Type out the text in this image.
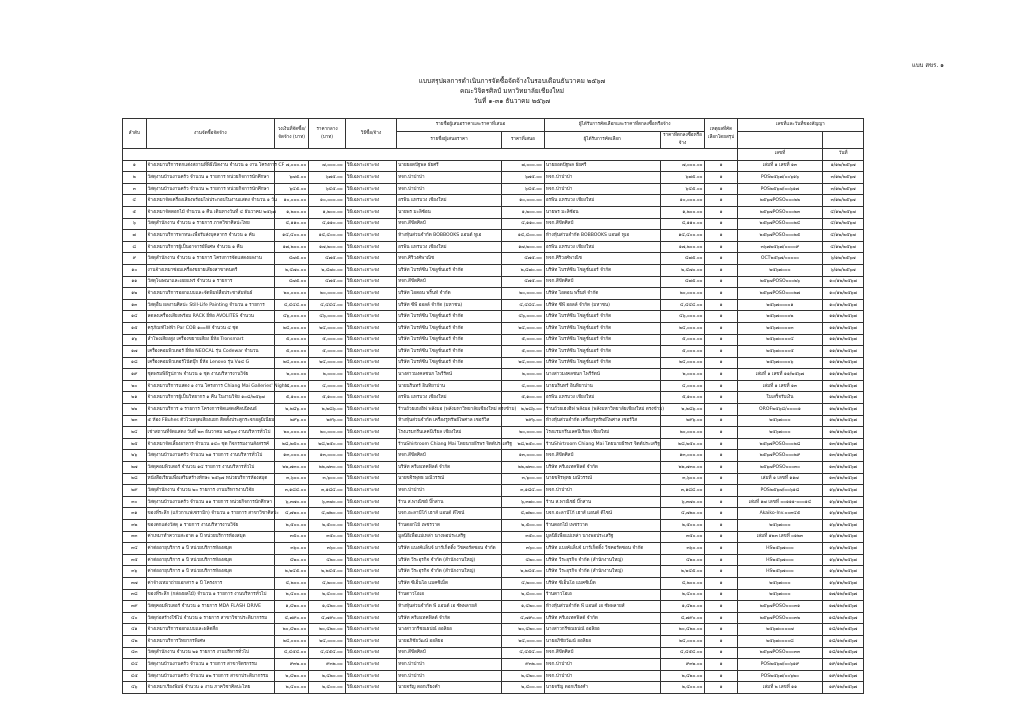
แบบ สขร. ๑
แบบสรุปผลการดำเนินการจัดซื้อจัดจ้างในรอบเดือนธันวาคม ๒๕๖๗
คณะวิจิตรศิลป์ มหาวิทยาลัยเชียงใหม่
วันที่ ๑-๓๑ ธันวาคม ๒๕๖๗
ลำดับ	งานจัดซื้อจัดจ้าง	วงเงินที่จัดซื้อ/จัดจ้าง (บาท)	ราคากลาง (บาท)	วิธีซื้อ/จ้าง	รายชื่อผู้เสนอราคาและราคาที่เสนอ		ผู้ได้รับการคัดเลือกและราคาที่ตกลงซื้อหรือจ้าง		เหตุผลที่คัดเลือกโดยสรุป	เลขที่และวันที่ของสัญญา	
					รายชื่อผู้เสนอราคา	ราคาที่เสนอ	ผู้ได้รับการคัดเลือก	ราคาที่ตกลงซื้อหรือจ้าง			

										เลขที่	วันที่
๑	จ้างเหมาบริการตกแต่งสถานที่พิธีเปิดงาน จำนวน ๑ งาน โครงการ CF	๗,๐๐๐.๐๐	๗,๐๐๐.๐๐	วิธีเฉพาะเจาะจง	นายยอดปัฐพล ธัยศรี	๗,๐๐๐.๐๐	นายยอดปัฐพล ธัยศรี	๗,๐๐๐.๐๐	๑	เล่มที่ ๑ เลขที่ ๑๓	๑/๑๒/๒๕๖๗
๒	วัสดุงานบ้านงานครัว จำนวน ๑ รายการ หน่วยกิจการนักศึกษา	๖๗๕.๐๐	๖๗๕.๐๐	วิธีเฉพาะเจาะจง	หจก.ป่าป่าป่า	๖๗๕.๐๐	หจก.ป่าป่าป่า	๖๗๕.๐๐	๑	POS๒๕๖๗/๐๐๖๑๖	๓/๑๒/๒๕๖๗
๓	วัสดุงานบ้านงานครัว จำนวน ๒ รายการ หน่วยกิจการนักศึกษา	๖๔๕.๐๐	๖๔๕.๐๐	วิธีเฉพาะเจาะจง	หจก.ป่าป่าป่า	๖๔๕.๐๐	หจก.ป่าป่าป่า	๖๔๕.๐๐	๑	POS๒๕๖๗/๐๐๖๑๗	๓/๑๒/๒๕๖๗
๔	จ้างเหมาจัดเครื่องเสียงพร้อมไฟประกอบในงานแสดง จำนวน ๑ วัน	๑๐,๐๐๐.๐๐	๑๐,๐๐๐.๐๐	วิธีเฉพาะเจาะจง	อรพิน แหรบวง เชียงใหม่	๑๐,๐๐๐.๐๐	อรพิน แหรบวง เชียงใหม่	๑๐,๐๐๐.๐๐	๑	๒๕๖๗POSO๐๐๐๒๒	๓/๑๒/๒๕๖๗
๕	จ้างเหมาจัดดอกไม้ จำนวน ๑ คืน เดินทางวันที่ ๔ ธันวาคม ๒๕๖๗	๑,๒๐๐.๐๐	๑,๒๐๐.๐๐	วิธีเฉพาะเจาะจง	นายพร มะลิซ้อน	๑,๒๐๐.๐๐	นายพร มะลิซ้อน	๑,๒๐๐.๐๐	๑	๒๕๖๗POSO๐๐๐๒๓	๔/๑๒/๒๕๖๗
๖	วัสดุสำนักงาน จำนวน ๑ รายการ ภาควิชาศิลปะไทย	๔,๑๑๐.๐๐	๔,๑๑๐.๐๐	วิธีเฉพาะเจาะจง	หจก.สีขีดศิลป์	๔,๑๑๐.๐๐	หจก.สีขีดศิลป์	๔,๑๑๐.๐๐	๑	๒๕๖๗POSO๐๐๐๒๔	๔/๑๒/๒๕๖๗
๗	จ้างเหมาบริการพาหนะเพื่อรับส่งบุคลากร จำนวน ๑ คัน	๑๔,๔๐๐.๐๐	๑๔,๔๐๐.๐๐	วิธีเฉพาะเจาะจง	ห้างหุ้นส่วนจำกัด BOBBOOKS แอนด์ ทูเอ	๑๔,๔๐๐.๐๐	ห้างหุ้นส่วนจำกัด BOBBOOKS แอนด์ ทูเอ	๑๔,๔๐๐.๐๐	๑	๒๕๖๗POSO๐๐๐๒๕	๔/๑๒/๒๕๖๗
๘	จ้างเหมาบริการผู้เป็นอาจารย์พิเศษ จำนวน ๑ คืน	๑๗,๒๐๐.๐๐	๑๗,๒๐๐.๐๐	วิธีเฉพาะเจาะจง	อรพิน แหรบวง เชียงใหม่	๑๗,๒๐๐.๐๐	อรพิน แหรบวง เชียงใหม่	๑๗,๒๐๐.๐๐	๑	๓๖๗๒๕๖๗/๐๐๐๐๙	๔/๑๒/๒๕๖๗
๙	วัสดุสำนักงาน จำนวน ๑ รายการ โครงการจัดแสดงผลงาน	๔๗๕.๐๐	๔๗๕.๐๐	วิธีเฉพาะเจาะจง	หจก.ศิริวงศ์พาณิช	๔๗๕.๐๐	หจก.ศิริวงศ์พาณิช	๔๗๕.๐๐	๑	OCT๒๕๖๗/๐๐๐๐๐	๖/๑๒/๒๕๖๗
๑๐	งานจ้างเหมาซ่อมเครื่องขยายเสียงสาขาดนตรี	๒,๔๗๐.๐๐	๒,๔๗๐.๐๐	วิธีเฉพาะเจาะจง	บริษัท ไบรท์ซีน โซลูชั่นเอร์ จำกัด	๒,๔๗๐.๐๐	บริษัท ไบรท์ซีน โซลูชั่นเอร์ จำกัด	๒,๔๗๐.๐๐	๑	๒๕๖๗๐๐๐	๖/๑๒/๒๕๖๗
๑๑	วัสดุโฆษณาและเผยแพร่ จำนวน ๑ รายการ	๔๗๕.๐๐	๔๗๕.๐๐	วิธีเฉพาะเจาะจง	หจก.สีขีดศิลป์	๔๗๕.๐๐	หจก.สีขีดศิลป์	๔๗๕.๐๐	๑	๒๕๖๗POSO๐๐๐๒๖	๑๐/๑๒/๒๕๖๗
๑๒	จ้างเหมาบริการออกแบบและจัดพิมพ์สื่อประชาสัมพันธ์	๒๐,๐๐๐.๐๐	๒๐,๐๐๐.๐๐	วิธีเฉพาะเจาะจง	บริษัท ไอดอน พริ้นท์ จำกัด	๒๐,๐๐๐.๐๐	บริษัท ไอดอน พริ้นท์ จำกัด	๒๐,๐๐๐.๐๐	๑	๒๕๖๗POSO๐๐๐๒๗	๑๐/๑๒/๒๕๖๗
๑๓	วัสดุอื่น ผลงานศิลปะ Still-Life Painting จำนวน ๑ รายการ	๔,๔๔๔.๐๐	๔,๔๔๔.๐๐	วิธีเฉพาะเจาะจง	บริษัท ซีพี ออลล์ จำกัด (มหาชน)	๔,๔๔๔.๐๐	บริษัท ซีพี ออลล์ จำกัด (มหาชน)	๔,๔๔๔.๐๐	๑	๒๕๖๗๐๐๐๐๑	๑๐/๑๒/๒๕๖๗
๑๔	ลดลงเครื่องเสียงพร้อม RACK ยี่ห้อ AVOLITES จำนวน	๔๖,๐๐๐.๐๐	๔๖,๐๐๐.๐๐	วิธีเฉพาะเจาะจง	บริษัท ไบรท์ซีน โซลูชั่นเอร์ จำกัด	๔๖,๐๐๐.๐๐	บริษัท ไบรท์ซีน โซลูชั่นเอร์ จำกัด	๔๖,๐๐๐.๐๐	๑	๒๕๖๗๐๐๐๐๒	๑๑/๑๒/๒๕๖๗
๑๕	ครุภัณฑ์ไฟฟ้า Par COB ๑๐๐W จำนวน ๔ ชุด	๒๔,๐๐๐.๐๐	๒๔,๐๐๐.๐๐	วิธีเฉพาะเจาะจง	บริษัท ไบรท์ซีน โซลูชั่นเอร์ จำกัด	๒๔,๐๐๐.๐๐	บริษัท ไบรท์ซีน โซลูชั่นเอร์ จำกัด	๒๔,๐๐๐.๐๐	๑	๒๕๖๗๐๐๐๐๓	๑๑/๑๒/๒๕๖๗
๑๖	ลำโพงเสียงสูง เครื่องขยายเสียง ยี่ห้อ Tronsmart	๕,๐๐๐.๐๐	๕,๐๐๐.๐๐	วิธีเฉพาะเจาะจง	บริษัท ไบรท์ซีน โซลูชั่นเอร์ จำกัด	๕,๐๐๐.๐๐	บริษัท ไบรท์ซีน โซลูชั่นเอร์ จำกัด	๕,๐๐๐.๐๐	๑	๒๕๖๗๐๐๐๐๔	๑๑/๑๒/๒๕๖๗
๑๗	เครื่องคอมพิวเตอร์ ยี่ห้อ NEOCAL รุ่น Codewar จำนวน	๕,๐๐๐.๐๐	๕,๐๐๐.๐๐	วิธีเฉพาะเจาะจง	บริษัท ไบรท์ซีน โซลูชั่นเอร์ จำกัด	๕,๐๐๐.๐๐	บริษัท ไบรท์ซีน โซลูชั่นเอร์ จำกัด	๕,๐๐๐.๐๐	๑	๒๕๖๗๐๐๐๐๕	๑๑/๑๒/๒๕๖๗
๑๘	เครื่องคอมพิวเตอร์โน้ตบุ๊ก ยี่ห้อ Lenovo รุ่น V๑๔ G	๒๔,๐๐๐.๐๐	๒๔,๐๐๐.๐๐	วิธีเฉพาะเจาะจง	บริษัท ไบรท์ซีน โซลูชั่นเอร์ จำกัด	๒๔,๐๐๐.๐๐	บริษัท ไบรท์ซีน โซลูชั่นเอร์ จำกัด	๒๔,๐๐๐.๐๐	๑	๒๕๖๗๐๐๐๐๖	๑๑/๑๒/๒๕๖๗
๑๙	ชุดพรมพิธีรูปภาพ จำนวน ๑ ชุด งานบริหารงานวิจัย	๒,๐๐๐.๐๐	๒,๐๐๐.๐๐	วิธีเฉพาะเจาะจง	นางสาวมงคลชนก ไพรีรัตน์	๒,๐๐๐.๐๐	นางสาวมงคลชนก ไพรีรัตน์	๒,๐๐๐.๐๐	๑	เล่มที่ ๑ เลขที่ ๑๑/๒๕๖๗	๑๑/๑๒/๒๕๖๗
๒๐	จ้างเหมาบริการแสดง ๑ งาน โครงการ Chiang Mai Galleries' Nights	๔,๐๐๐.๐๐	๔,๐๐๐.๐๐	วิธีเฉพาะเจาะจง	นายนรินทร์ อินทิยาปาน	๔,๐๐๐.๐๐	นายนรินทร์ อินทิยาปาน	๔,๐๐๐.๐๐	๑	เล่มที่ ๑ เลขที่ ๑๓	๑๒/๑๒/๒๕๖๗
๒๑	จ้างเหมาบริการผู้เป็นวิทยากร ๑ คืน ในงานวิจัย ๑๐๘/๒๕๖๗	๕,๑๐๐.๐๐	๕,๑๐๐.๐๐	วิธีเฉพาะเจาะจง	อรพิน แหรบวง เชียงใหม่	๕,๑๐๐.๐๐	อรพิน แหรบวง เชียงใหม่	๕,๑๐๐.๐๐	๑	ใบเสร็จรับเงิน	๑๒/๑๒/๒๕๖๗
๒๒	จ้างเหมาบริการ ๑ รายการ โครงการจัดแสดงศิลปนิพนธ์	๒,๒๘๖.๐๐	๒,๒๘๖.๐๐	วิธีเฉพาะเจาะจง	ร้านถ้วยเฮงฮิฟ พลังมอ (พลังมหาวิทยาลัยเชียงใหม่ ตรงข้าม)	๒,๒๘๖.๐๐	ร้านถ้วยเฮงฮิฟ พลังมอ (พลังมหาวิทยาลัยเชียงใหม่ ตรงข้าม)	๒,๒๘๖.๐๐	๑	OROF๒๕๖๘/๐๐๐๐๑	๑๒/๑๒/๒๕๖๗
๒๓	๕ ห้อง FBuhes ตัวไวเลจุดเสียงแยก ติดตั้งประตูกระจกอลูมิเนียม	๒๙๖.๐๐	๒๙๖.๐๐	วิธีเฉพาะเจาะจง	ห้างหุ้นส่วนจำกัด เครื่องรูทรัพย์ไพศาล เซอร์วิส	๒๙๖.๐๐	ห้างหุ้นส่วนจำกัด เครื่องรูทรัพย์ไพศาล เซอร์วิส	๒๙๖.๐๐	๑	๒๕๖๗๐๐๐	๑๒/๑๒/๒๕๖๗
๒๔	เช่าสถานที่จัดแสดง วันที่ ๒๓ ธันวาคม ๒๕๖๗ งานบริหารทั่วไป	๒๐,๐๐๐.๐๐	๒๐,๐๐๐.๐๐	วิธีเฉพาะเจาะจง	โรงแรมกรีนเลคปีเรียล เชียงใหม่	๒๐,๐๐๐.๐๐	โรงแรมกรีนเลคปีเรียล เชียงใหม่	๒๐,๐๐๐.๐๐	๑	๒๕๖๗๐๐๐	๑๒/๑๒/๒๕๖๗
๒๕	จ้างเหมาจัดเลี้ยงอาหาร จำนวน ๑๔๐ ชุด กิจกรรมงานสังสรรค์	๒๘,๒๕๐.๐๐	๒๘,๒๕๐.๐๐	วิธีเฉพาะเจาะจง	ร้านShirtroom Chiang Mai โดยนายธีรพร จิตต์ประเสริฐ	๒๘,๒๕๐.๐๐	ร้านShirtroom Chiang Mai โดยนายธีรพร จิตต์ประเสริฐ	๒๘,๒๕๐.๐๐	๑	๒๕๖๗POSO๐๐๐๒๘	๑๓/๑๒/๒๕๖๗
๒๖	วัสดุงานบ้านงานครัว จำนวน ๒๑ รายการ งานบริหารทั่วไป	๑๓,๐๐๐.๐๐	๑๓,๐๐๐.๐๐	วิธีเฉพาะเจาะจง	หจก.สีขีดศิลป์	๑๓,๐๐๐.๐๐	หจก.สีขีดศิลป์	๑๓,๐๐๐.๐๐	๑	๒๕๖๗POSO๐๐๐๒๙	๑๓/๑๒/๒๕๖๗
๒๗	วัสดุคอมพิวเตอร์ จำนวน ๑๔ รายการ งานบริหารทั่วไป	๒๒,๗๓๐.๐๐	๒๒,๗๓๐.๐๐	วิธีเฉพาะเจาะจง	บริษัท ครีเอเทคฟิลด์ จำกัด	๒๒,๗๓๐.๐๐	บริษัท ครีเอเทคฟิลด์ จำกัด	๒๒,๗๓๐.๐๐	๑	๒๕๖๗POSO๐๐๐๓๐	๑๓/๑๒/๒๕๖๗
๒๘	หนังสือเรียนเพื่อเสริมสร้างทักษะ ๒๕๖๗ หน่วยบริการห้องสมุด	๓,๖๐๐.๐๐	๓,๖๐๐.๐๐	วิธีเฉพาะเจาะจง	นายขจิรพุทธ มณีวรรณ์	๓,๖๐๐.๐๐	นายขจิรพุทธ มณีวรรณ์	๓,๖๐๐.๐๐	๑	เล่มที่ ๑ เลขที่ ๑๑๗	๑๓/๑๒/๒๕๖๗
๒๙	วัสดุสำนักงาน จำนวน ๒๐ รายการ งานบริหารงานวิจัย	๓,๑๘๔.๐๐	๓,๑๘๔.๐๐	วิธีเฉพาะเจาะจง	หจก.ป่าป่าป่า	๓,๑๘๔.๐๐	หจก.ป่าป่าป่า	๓,๑๘๔.๐๐	๑	POS๒๕๖๗/๐๐๖๑๘	๑๖/๑๒/๒๕๖๗
๓๐	วัสดุงานบ้านงานครัว จำนวน ๑๑ รายการ หน่วยกิจการนักศึกษา	๖,๓๗๐.๐๐	๖,๓๗๐.๐๐	วิธีเฉพาะเจาะจง	ร้าน ส.พาณิชย์ บิ๊กสาน	๖,๓๗๐.๐๐	ร้าน ส.พาณิชย์ บิ๊กสาน	๖,๓๗๐.๐๐	๑	เล่มที่ ๑๗ เลขที่ ๐๐๑๑๑-๐๐๐๑๔	๑๖/๑๒/๒๕๖๗
๓๑	ของที่ระลึก (แก้วกาแฟเซรามิก) จำนวน ๑ รายการ สาขาวิชาศิลปะ	๔,๗๒๐.๐๐	๔,๗๒๐.๐๐	วิธีเฉพาะเจาะจง	บจก.อะลาบีโก้ เฮาส์ แอนด์ ดีไซน์	๔,๗๒๐.๐๐	บจก.อะลาบีโก้ เฮาส์ แอนด์ ดีไซน์	๔,๗๒๐.๐๐	๑	Akaiko-Inv.๐๐๓๔๕	๑๖/๑๒/๒๕๖๗
๓๒	ของตกแต่งวัสดุ ๑ รายการ งานบริหารงานวิจัย	๒,๕๐๐.๐๐	๒,๕๐๐.๐๐	วิธีเฉพาะเจาะจง	ร้านดอกไม้ เพชรวาด	๒,๕๐๐.๐๐	ร้านดอกไม้ เพชรวาด	๒,๕๐๐.๐๐	๑	๒๕๖๗๐๐๐	๑๖/๑๒/๒๕๖๗
๓๓	ค่าเหมาทำความสะอาด ๑ ปี หน่วยบริการห้องสมุด	๓๕๐.๐๐	๓๕๐.๐๐	วิธีเฉพาะเจาะจง	มูลนิธิเพื่อแม่เหล่า นางพอประเสริฐ	๓๕๐.๐๐	มูลนิธิเพื่อแม่เหล่า นางพอประเสริฐ	๓๕๐.๐๐	๑	เล่มที่ ๑๒๓ เลขที่ ๐๑๒๓	๑๖/๑๒/๒๕๖๗
๓๔	ค่าต่ออายุบริการ ๑ ปี หน่วยบริการห้องสมุด	๓๖๐.๐๐	๓๖๐.๐๐	วิธีเฉพาะเจาะจง	บริษัท แบงค์แล็บจ์ มาร์เก็ตติ้ง วีชคอร์ดซอน จำกัด	๓๖๐.๐๐	บริษัท แบงค์แล็บจ์ มาร์เก็ตติ้ง วีชคอร์ดซอน จำกัด	๓๖๐.๐๐	๑	HS๒๕๖๗๐๐๐	๑๖/๑๒/๒๕๖๗
๓๕	ค่าต่ออายุบริการ ๑ ปี หน่วยบริการห้องสมุด	๔๒๐.๐๐	๔๒๐.๐๐	วิธีเฉพาะเจาะจง	บริษัท วีระอุรกิจ จำกัด (สำนักงานใหญ่)	๔๒๐.๐๐	บริษัท วีระอุรกิจ จำกัด (สำนักงานใหญ่)	๔๒๐.๐๐	๑	HS๒๕๖๗๐๐๐	๑๖/๑๒/๒๕๖๗
๓๖	ค่าต่ออายุบริการ ๑ ปี หน่วยบริการห้องสมุด	๒,๒๔๕.๐๐	๒,๒๔๕.๐๐	วิธีเฉพาะเจาะจง	บริษัท วีระอุรกิจ จำกัด (สำนักงานใหญ่)	๒,๒๔๕.๐๐	บริษัท วีระอุรกิจ จำกัด (สำนักงานใหญ่)	๒,๒๔๕.๐๐	๑	HS๒๕๖๗๐๐๐	๑๖/๑๒/๒๕๖๗
๓๗	ค่าจ้างเหมาถ่ายเอกสาร ๑ ปี โครงการ	๔,๒๐๐.๐๐	๔,๒๐๐.๐๐	วิธีเฉพาะเจาะจง	บริษัท ซีเอ็นโอ แมคซิเม็ด	๔,๒๐๐.๐๐	บริษัท ซีเอ็นโอ แมคซิเม็ด	๔,๒๐๐.๐๐	๑	๒๕๖๗๐๐๐	๑๖/๑๒/๒๕๖๗
๓๘	ของที่ระลึก (กล่องผลไม้) จำนวน ๑ รายการ งานบริหารทั่วไป	๒,๔๐๐.๐๐	๒,๔๐๐.๐๐	วิธีเฉพาะเจาะจง	ร้านดาวโอเอ	๒,๔๐๐.๐๐	ร้านดาวโอเอ	๒,๔๐๐.๐๐	๑	๒๕๖๗๐๐๐	๑๗/๑๒/๒๕๖๗
๓๙	วัสดุคอมพิวเตอร์ จำนวน ๑ รายการ MDA FLASH DRIVE	๑,๔๒๐.๐๐	๑,๔๒๐.๐๐	วิธีเฉพาะเจาะจง	ห้างหุ้นส่วนจำกัด พี แอนด์ เอ ซัพพลายส์	๑,๔๒๐.๐๐	ห้างหุ้นส่วนจำกัด พี แอนด์ เอ ซัพพลายส์	๑,๔๒๐.๐๐	๑	๒๕๖๗POSO๐๐๐๓๑	๑๗/๑๒/๒๕๖๗
๔๐	วัสดุก่อสร้างใช้ไป จำนวน ๑ รายการ สาขาวิชาประติมากรรม	๔,๗๙๐.๐๐	๔,๗๙๐.๐๐	วิธีเฉพาะเจาะจง	บริษัท ครีเอเทคฟิลด์ จำกัด	๔,๗๙๐.๐๐	บริษัท ครีเอเทคฟิลด์ จำกัด	๔,๗๙๐.๐๐	๑	๒๕๖๗POSO๐๐๐๓๒	๑๘/๑๒/๒๕๖๗
๔๑	จ้างเหมาบริการออกแบบและผลิตสื่อ	๒๐,๔๒๐.๐๐	๒๐,๔๒๐.๐๐	วิธีเฉพาะเจาะจง	นางสาวกรีชณธปณ์ ออลิยอ	๒๐,๔๒๐.๐๐	นางสาวกรีชณธปณ์ ออลิยอ	๒๐,๔๒๐.๐๐	๑	๒๕๖๗๐๐๐๐๗	๑๘/๑๒/๒๕๖๗
๔๒	จ้างเหมาบริการวิทยากรพิเศษ	๒๔,๐๐๐.๐๐	๒๔,๐๐๐.๐๐	วิธีเฉพาะเจาะจง	นายอภิชัยวัฒน์ ออลิยอ	๒๔,๐๐๐.๐๐	นายอภิชัยวัฒน์ ออลิยอ	๒๔,๐๐๐.๐๐	๑	๒๕๖๗๐๐๐๐๘	๑๘/๑๒/๒๕๖๗
๔๓	วัสดุสำนักงาน จำนวน ๒๑ รายการ งานบริหารทั่วไป	๔,๔๕๔.๐๐	๔,๔๕๔.๐๐	วิธีเฉพาะเจาะจง	หจก.สีขีดศิลป์	๔,๔๕๔.๐๐	หจก.สีขีดศิลป์	๔,๔๕๔.๐๐	๑	๒๕๖๗POSO๐๐๐๓๓	๑๘/๑๒/๒๕๖๗
๔๔	วัสดุงานบ้านงานครัว จำนวน ๑ รายการ สาขาจิตรกรรม	๙๓๒.๐๐	๙๓๒.๐๐	วิธีเฉพาะเจาะจง	หจก.ป่าป่าป่า	๙๓๒.๐๐	หจก.ป่าป่าป่า	๙๓๒.๐๐	๑	POS๒๕๖๗/๐๐๖๑๙	๑๙/๑๒/๒๕๖๗
๔๕	วัสดุงานบ้านงานครัว จำนวน ๑๒ รายการ สาขาประติมากรรม	๒,๔๒๐.๐๐	๒,๔๒๐.๐๐	วิธีเฉพาะเจาะจง	หจก.ป่าป่าป่า	๒,๔๒๐.๐๐	หจก.ป่าป่าป่า	๒,๔๒๐.๐๐	๑	POS๒๕๖๗/๐๐๖๒๐	๑๙/๑๒/๒๕๖๗
๔๖	จ้างเหมาเรียงพิมพ์ จำนวน ๑ งาน ภาควิชาศิลปะไทย	๒,๔๐๐.๐๐	๒,๔๐๐.๐๐	วิธีเฉพาะเจาะจง	นายจรัญ ดอกเรียงคำ	๒,๔๐๐.๐๐	นายจรัญ ดอกเรียงคำ	๒,๔๐๐.๐๐	๑	เล่มที่ ๒ เลขที่ ๑๑	๑๙/๑๒/๒๕๖๗
